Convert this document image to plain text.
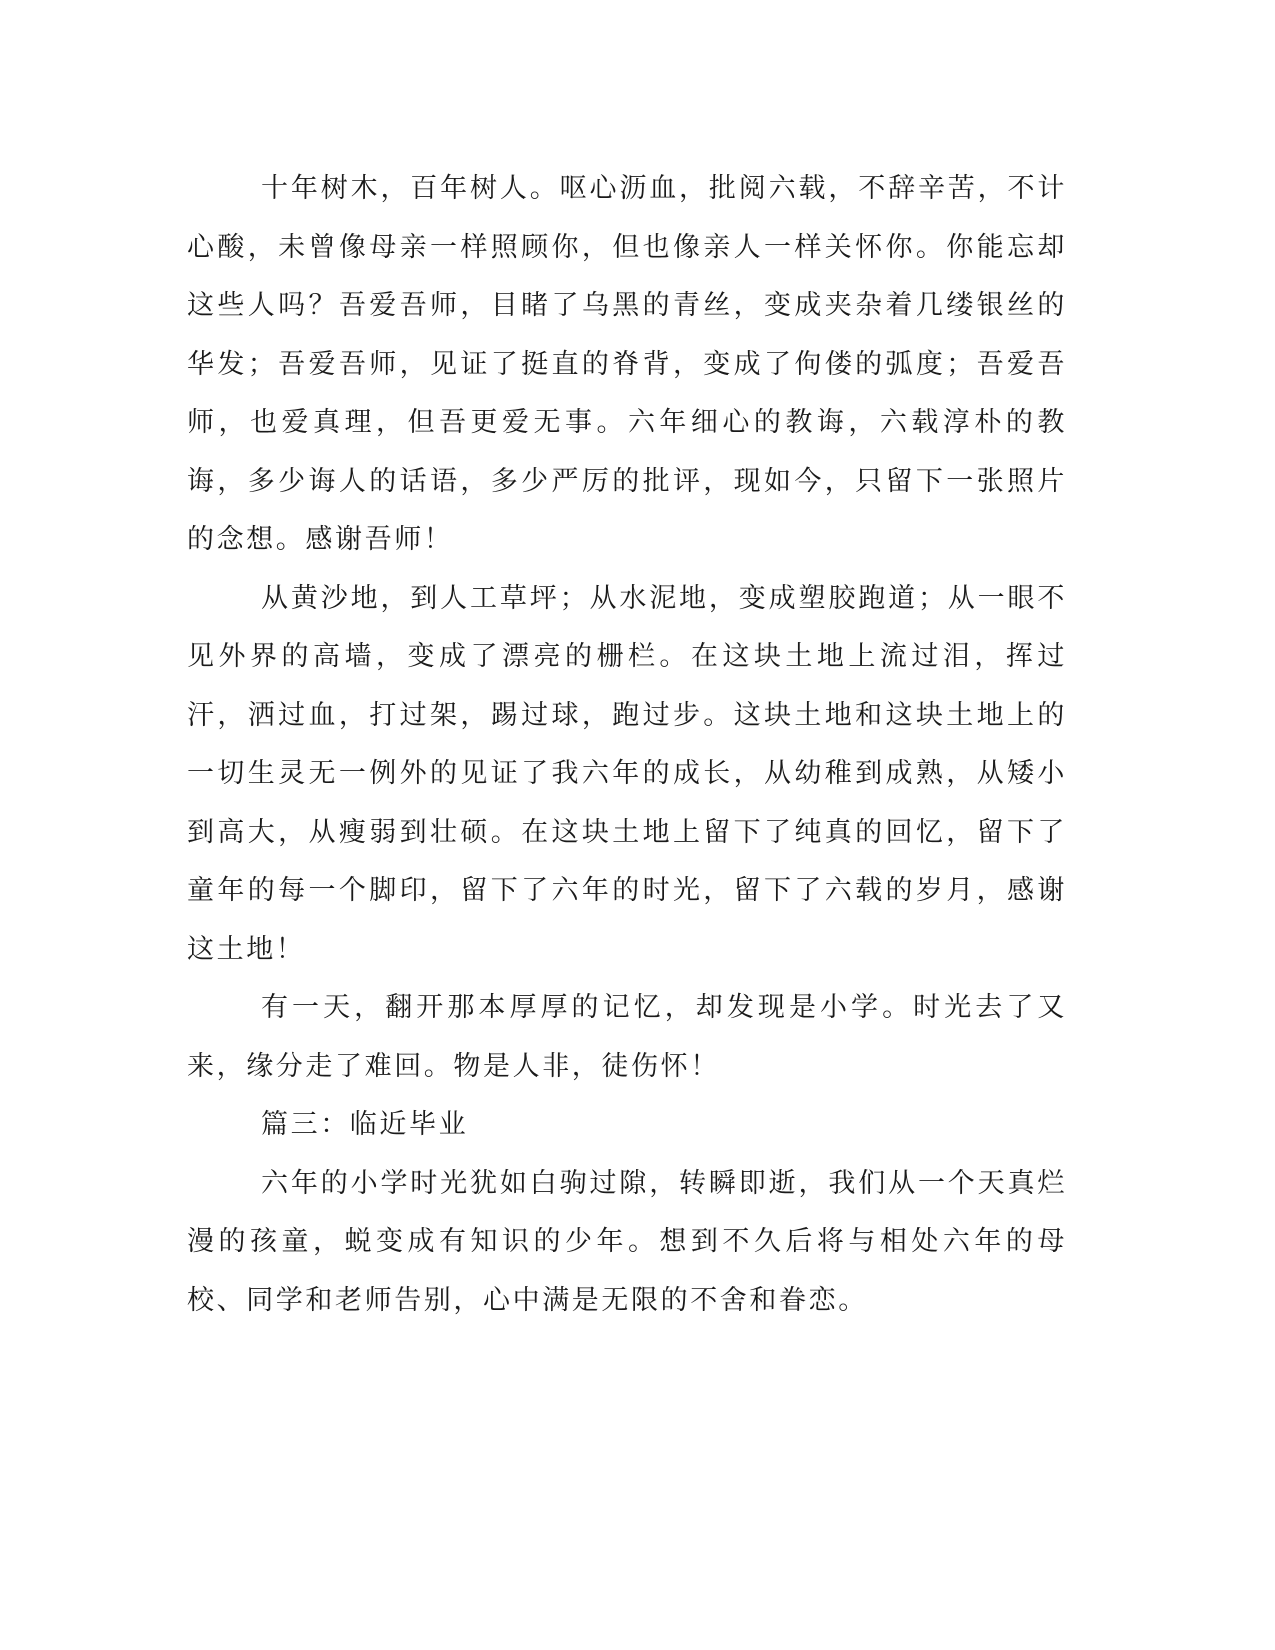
十年树木，百年树人。呕心沥血，批阅六载，不辞辛苦，不计心酸，未曾像母亲一样照顾你，但也像亲人一样关怀你。你能忘却这些人吗？吾爱吾师，目睹了乌黑的青丝，变成夹杂着几缕银丝的华发；吾爱吾师，见证了挺直的脊背，变成了佝偻的弧度；吾爱吾师，也爱真理，但吾更爱无事。六年细心的教诲，六载淳朴的教诲，多少诲人的话语，多少严厉的批评，现如今，只留下一张照片的念想。感谢吾师！

从黄沙地，到人工草坪；从水泥地，变成塑胶跑道；从一眼不见外界的高墙，变成了漂亮的栅栏。在这块土地上流过泪，挥过汗，洒过血，打过架，踢过球，跑过步。这块土地和这块土地上的一切生灵无一例外的见证了我六年的成长，从幼稚到成熟，从矮小到高大，从瘦弱到壮硕。在这块土地上留下了纯真的回忆，留下了童年的每一个脚印，留下了六年的时光，留下了六载的岁月，感谢这土地！

有一天，翻开那本厚厚的记忆，却发现是小学。时光去了又来，缘分走了难回。物是人非，徒伤怀！

篇三：临近毕业

六年的小学时光犹如白驹过隙，转瞬即逝，我们从一个天真烂漫的孩童，蜕变成有知识的少年。想到不久后将与相处六年的母校、同学和老师告别，心中满是无限的不舍和眷恋。
